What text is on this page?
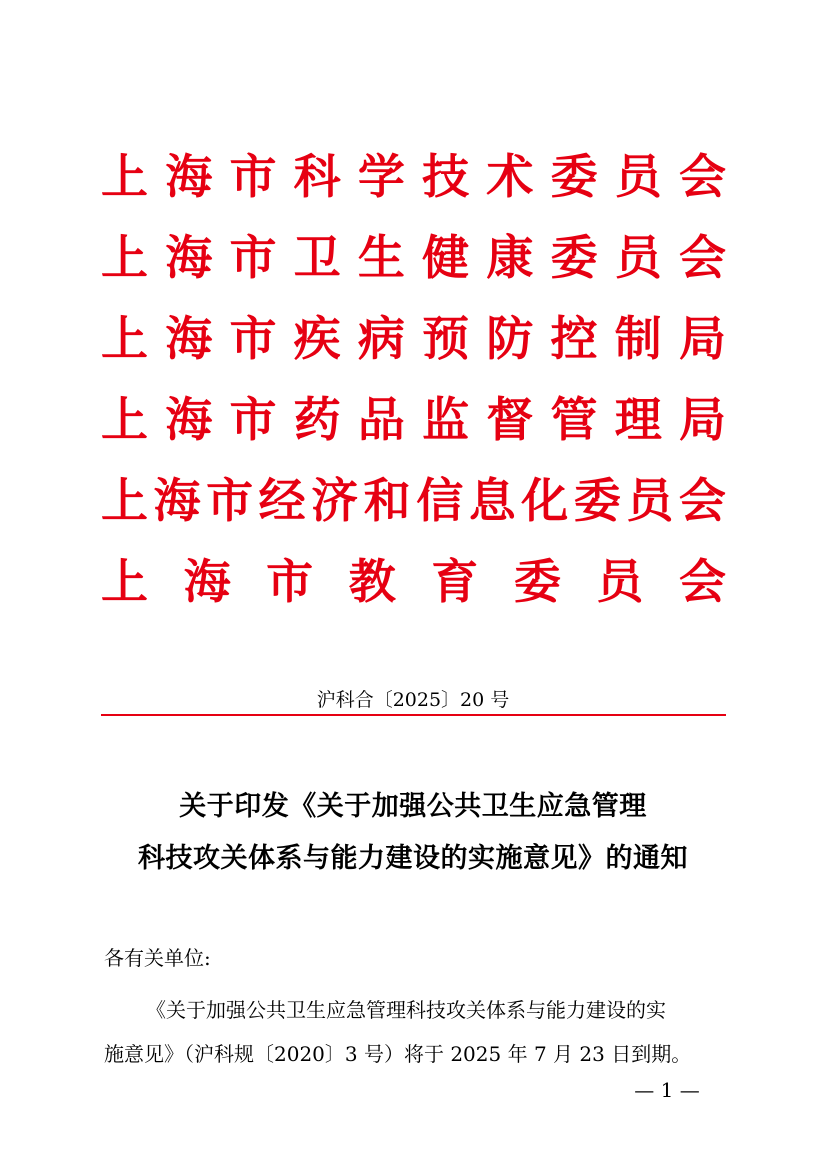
上 海 市 科 学 技 术 委 员 会
上 海 市 卫 生 健 康 委 员 会
上 海 市 疾 病 预 防 控 制 局
上 海 市 药 品 监 督 管 理 局
上 海 市 经 济 和 信 息 化 委 员 会
上 海 市 教 育 委 员 会
沪科合〔2025〕20 号
关于印发《关于加强公共卫生应急管理
科技攻关体系与能力建设的实施意见》的通知
各有关单位:
《关于加强公共卫生应急管理科技攻关体系与能力建设的实
施意见》（沪科规〔2020〕3 号）将于 2025 年 7 月 23 日到期。
— 1 —
